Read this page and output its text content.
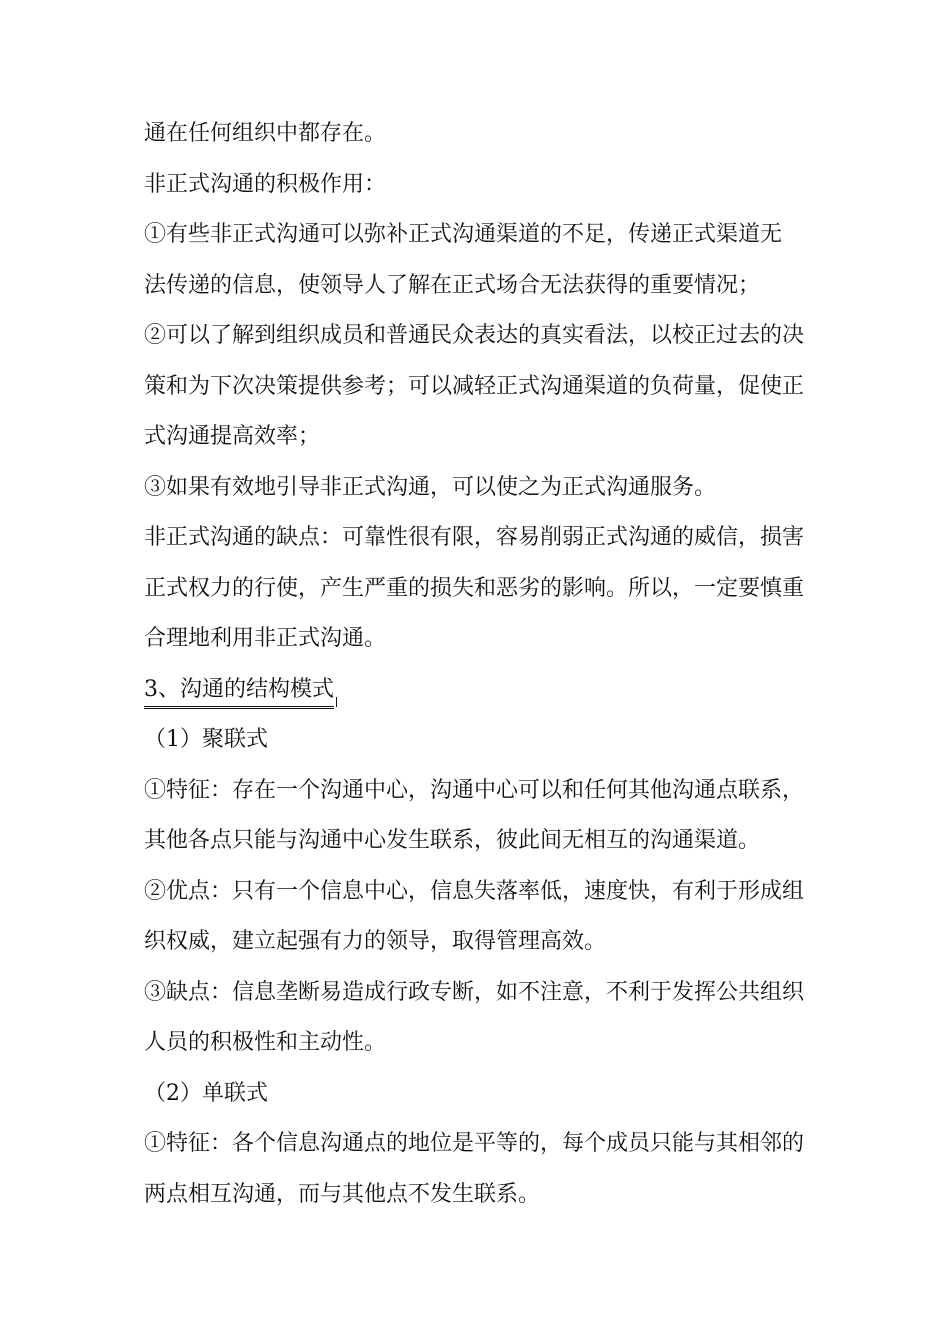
通在任何组织中都存在。
非正式沟通的积极作用：
①有些非正式沟通可以弥补正式沟通渠道的不足，传递正式渠道无
法传递的信息，使领导人了解在正式场合无法获得的重要情况；
②可以了解到组织成员和普通民众表达的真实看法，以校正过去的决
策和为下次决策提供参考；可以减轻正式沟通渠道的负荷量，促使正
式沟通提高效率；
③如果有效地引导非正式沟通，可以使之为正式沟通服务。
非正式沟通的缺点：可靠性很有限，容易削弱正式沟通的威信，损害
正式权力的行使，产生严重的损失和恶劣的影响。所以，一定要慎重
合理地利用非正式沟通。
3、沟通的结构模式
（1）聚联式
①特征：存在一个沟通中心，沟通中心可以和任何其他沟通点联系，
其他各点只能与沟通中心发生联系，彼此间无相互的沟通渠道。
②优点：只有一个信息中心，信息失落率低，速度快，有利于形成组
织权威，建立起强有力的领导，取得管理高效。
③缺点：信息垄断易造成行政专断，如不注意，不利于发挥公共组织
人员的积极性和主动性。
（2）单联式
①特征：各个信息沟通点的地位是平等的，每个成员只能与其相邻的
两点相互沟通，而与其他点不发生联系。
